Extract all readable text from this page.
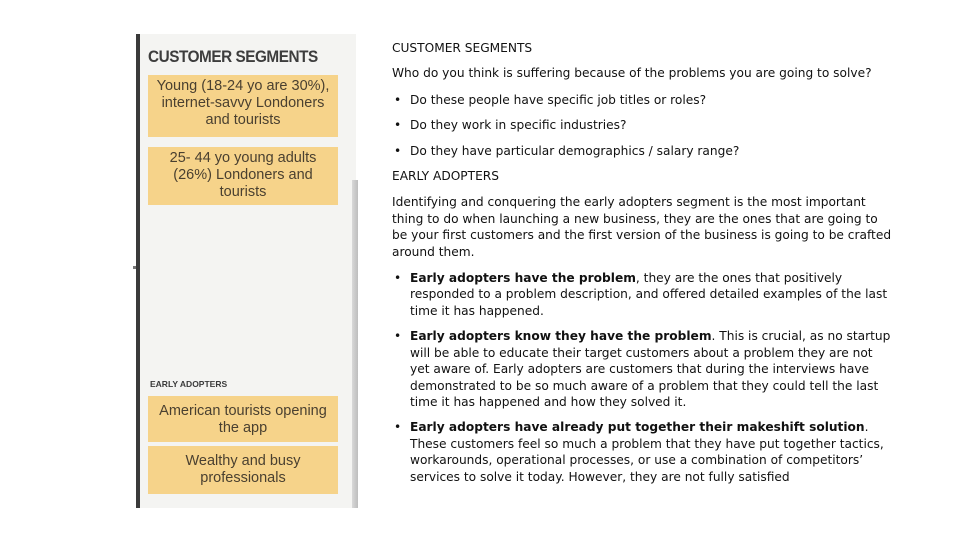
CUSTOMER SEGMENTS
Young (18-24 yo are 30%), internet-savvy Londoners and tourists
25- 44 yo young adults (26%) Londoners and tourists
EARLY ADOPTERS
American tourists opening the app
Wealthy and busy professionals

CUSTOMER SEGMENTS

Who do you think is suffering because of the problems you are going to solve?

• Do these people have specific job titles or roles?
• Do they work in specific industries?
• Do they have particular demographics / salary range?

EARLY ADOPTERS

Identifying and conquering the early adopters segment is the most important thing to do when launching a new business, they are the ones that are going to be your first customers and the first version of the business is going to be crafted around them.

• Early adopters have the problem, they are the ones that positively responded to a problem description, and offered detailed examples of the last time it has happened.
• Early adopters know they have the problem. This is crucial, as no startup will be able to educate their target customers about a problem they are not yet aware of. Early adopters are customers that during the interviews have demonstrated to be so much aware of a problem that they could tell the last time it has happened and how they solved it.
• Early adopters have already put together their makeshift solution. These customers feel so much a problem that they have put together tactics, workarounds, operational processes, or use a combination of competitors’ services to solve it today. However, they are not fully satisfied
